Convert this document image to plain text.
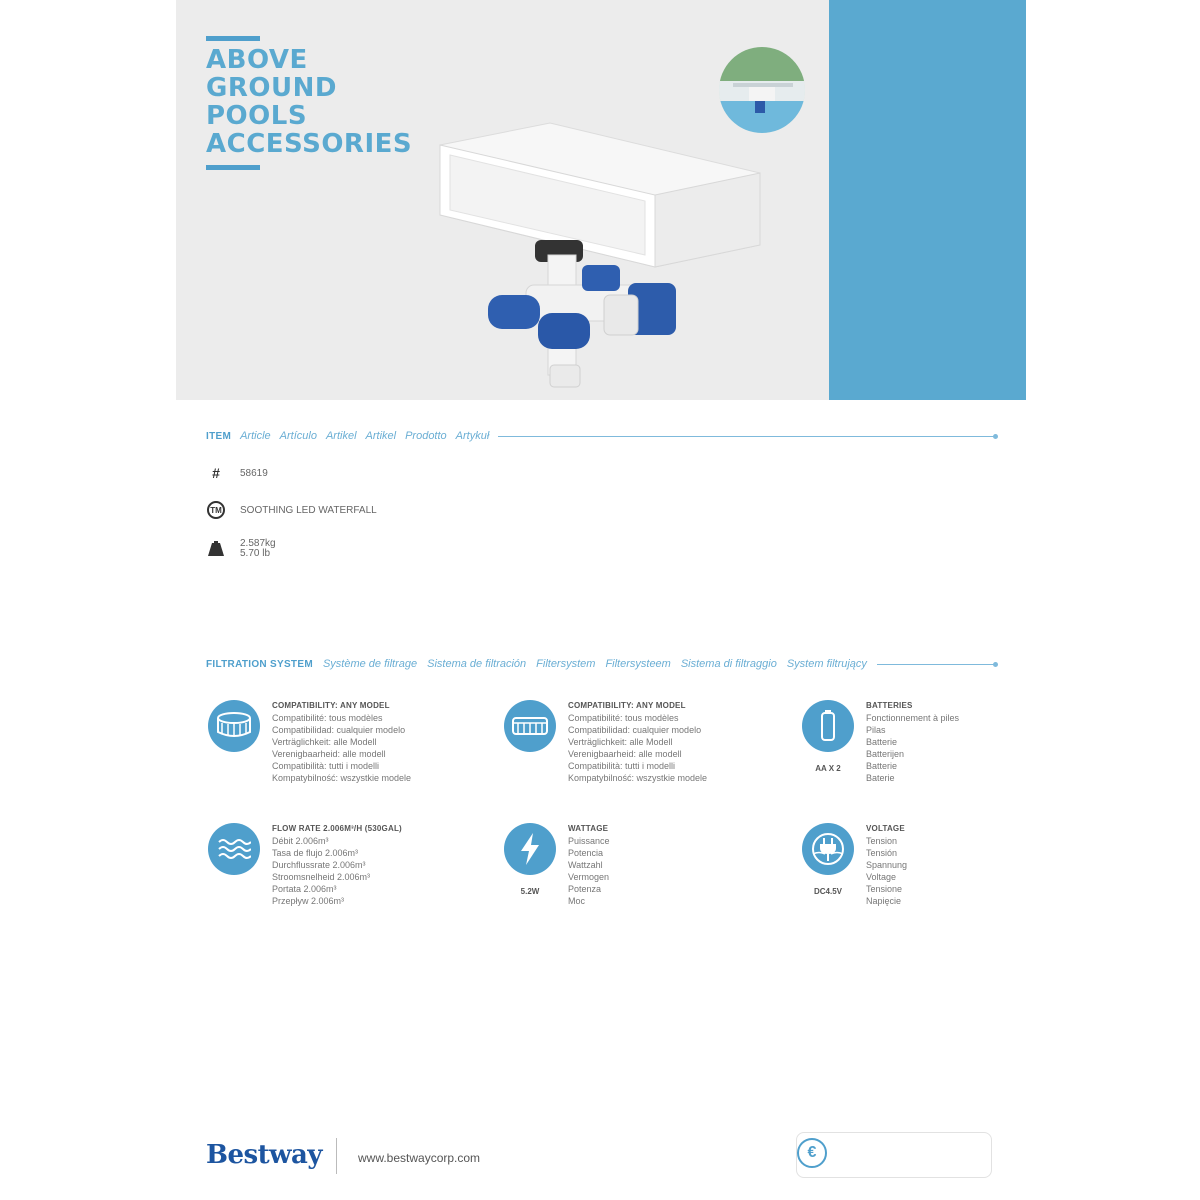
ABOVE
GROUND
POOLS
ACCESSORIES
ITEM Article Artículo Artikel Artikel Prodotto Artykuł
#	58619
TM	SOOTHING LED WATERFALL
2.587kg
5.70 lb
FILTRATION SYSTEM Système de filtrage Sistema de filtración Filtersystem Filtersysteem Sistema di filtraggio System filtrujący
COMPATIBILITY: ANY MODEL
Compatibilité: tous modèles
Compatibilidad: cualquier modelo
Verträglichkeit: alle Modell
Verenigbaarheid: alle modell
Compatibilità: tutti i modelli
Kompatybilność: wszystkie modele
COMPATIBILITY: ANY MODEL
Compatibilité: tous modèles
Compatibilidad: cualquier modelo
Verträglichkeit: alle Modell
Verenigbaarheid: alle modell
Compatibilità: tutti i modelli
Kompatybilność: wszystkie modele
AA X 2
BATTERIES
Fonctionnement à piles
Pilas
Batterie
Batterijen
Batterie
Baterie
FLOW RATE 2.006M³/H (530GAL)
Débit 2.006m³
Tasa de flujo 2.006m³
Durchflussrate 2.006m³
Stroomsnelheid 2.006m³
Portata 2.006m³
Przepływ 2.006m³
5.2W
WATTAGE
Puissance
Potencia
Wattzahl
Vermogen
Potenza
Moc
DC4.5V
VOLTAGE
Tension
Tensión
Spannung
Voltage
Tensione
Napięcie
Bestway	www.bestwaycorp.com	€
